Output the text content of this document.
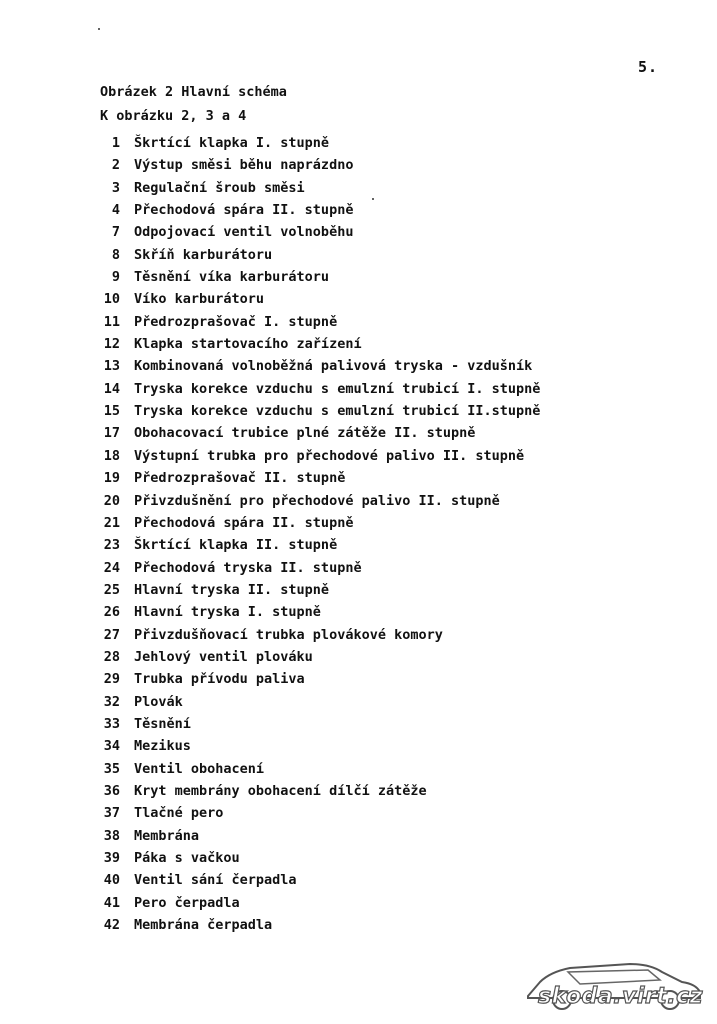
5.
Obrázek 2 Hlavní schéma
K obrázku 2, 3 a 4
1 Škrtící klapka I. stupně
2 Výstup směsi běhu naprázdno
3 Regulační šroub směsi
4 Přechodová spára II. stupně
7 Odpojovací ventil volnoběhu
8 Skříň karburátoru
9 Těsnění víka karburátoru
10 Víko karburátoru
11 Předrozprašovač I. stupně
12 Klapka startovacího zařízení
13 Kombinovaná volnoběžná palivová tryska - vzdušník
14 Tryska korekce vzduchu s emulzní trubicí I. stupně
15 Tryska korekce vzduchu s emulzní trubicí II.stupně
17 Obohacovací trubice plné zátěže II. stupně
18 Výstupní trubka pro přechodové palivo II. stupně
19 Předrozprašovač II. stupně
20 Přivzdušnění pro přechodové palivo II. stupně
21 Přechodová spára II. stupně
23 Škrtící klapka II. stupně
24 Přechodová tryska II. stupně
25 Hlavní tryska II. stupně
26 Hlavní tryska I. stupně
27 Přivzdušňovací trubka plovákové komory
28 Jehlový ventil plováku
29 Trubka přívodu paliva
32 Plovák
33 Těsnění
34 Mezikus
35 Ventil obohacení
36 Kryt membrány obohacení dílčí zátěže
37 Tlačné pero
38 Membrána
39 Páka s vačkou
40 Ventil sání čerpadla
41 Pero čerpadla
42 Membrána čerpadla
skoda.virt.cz
